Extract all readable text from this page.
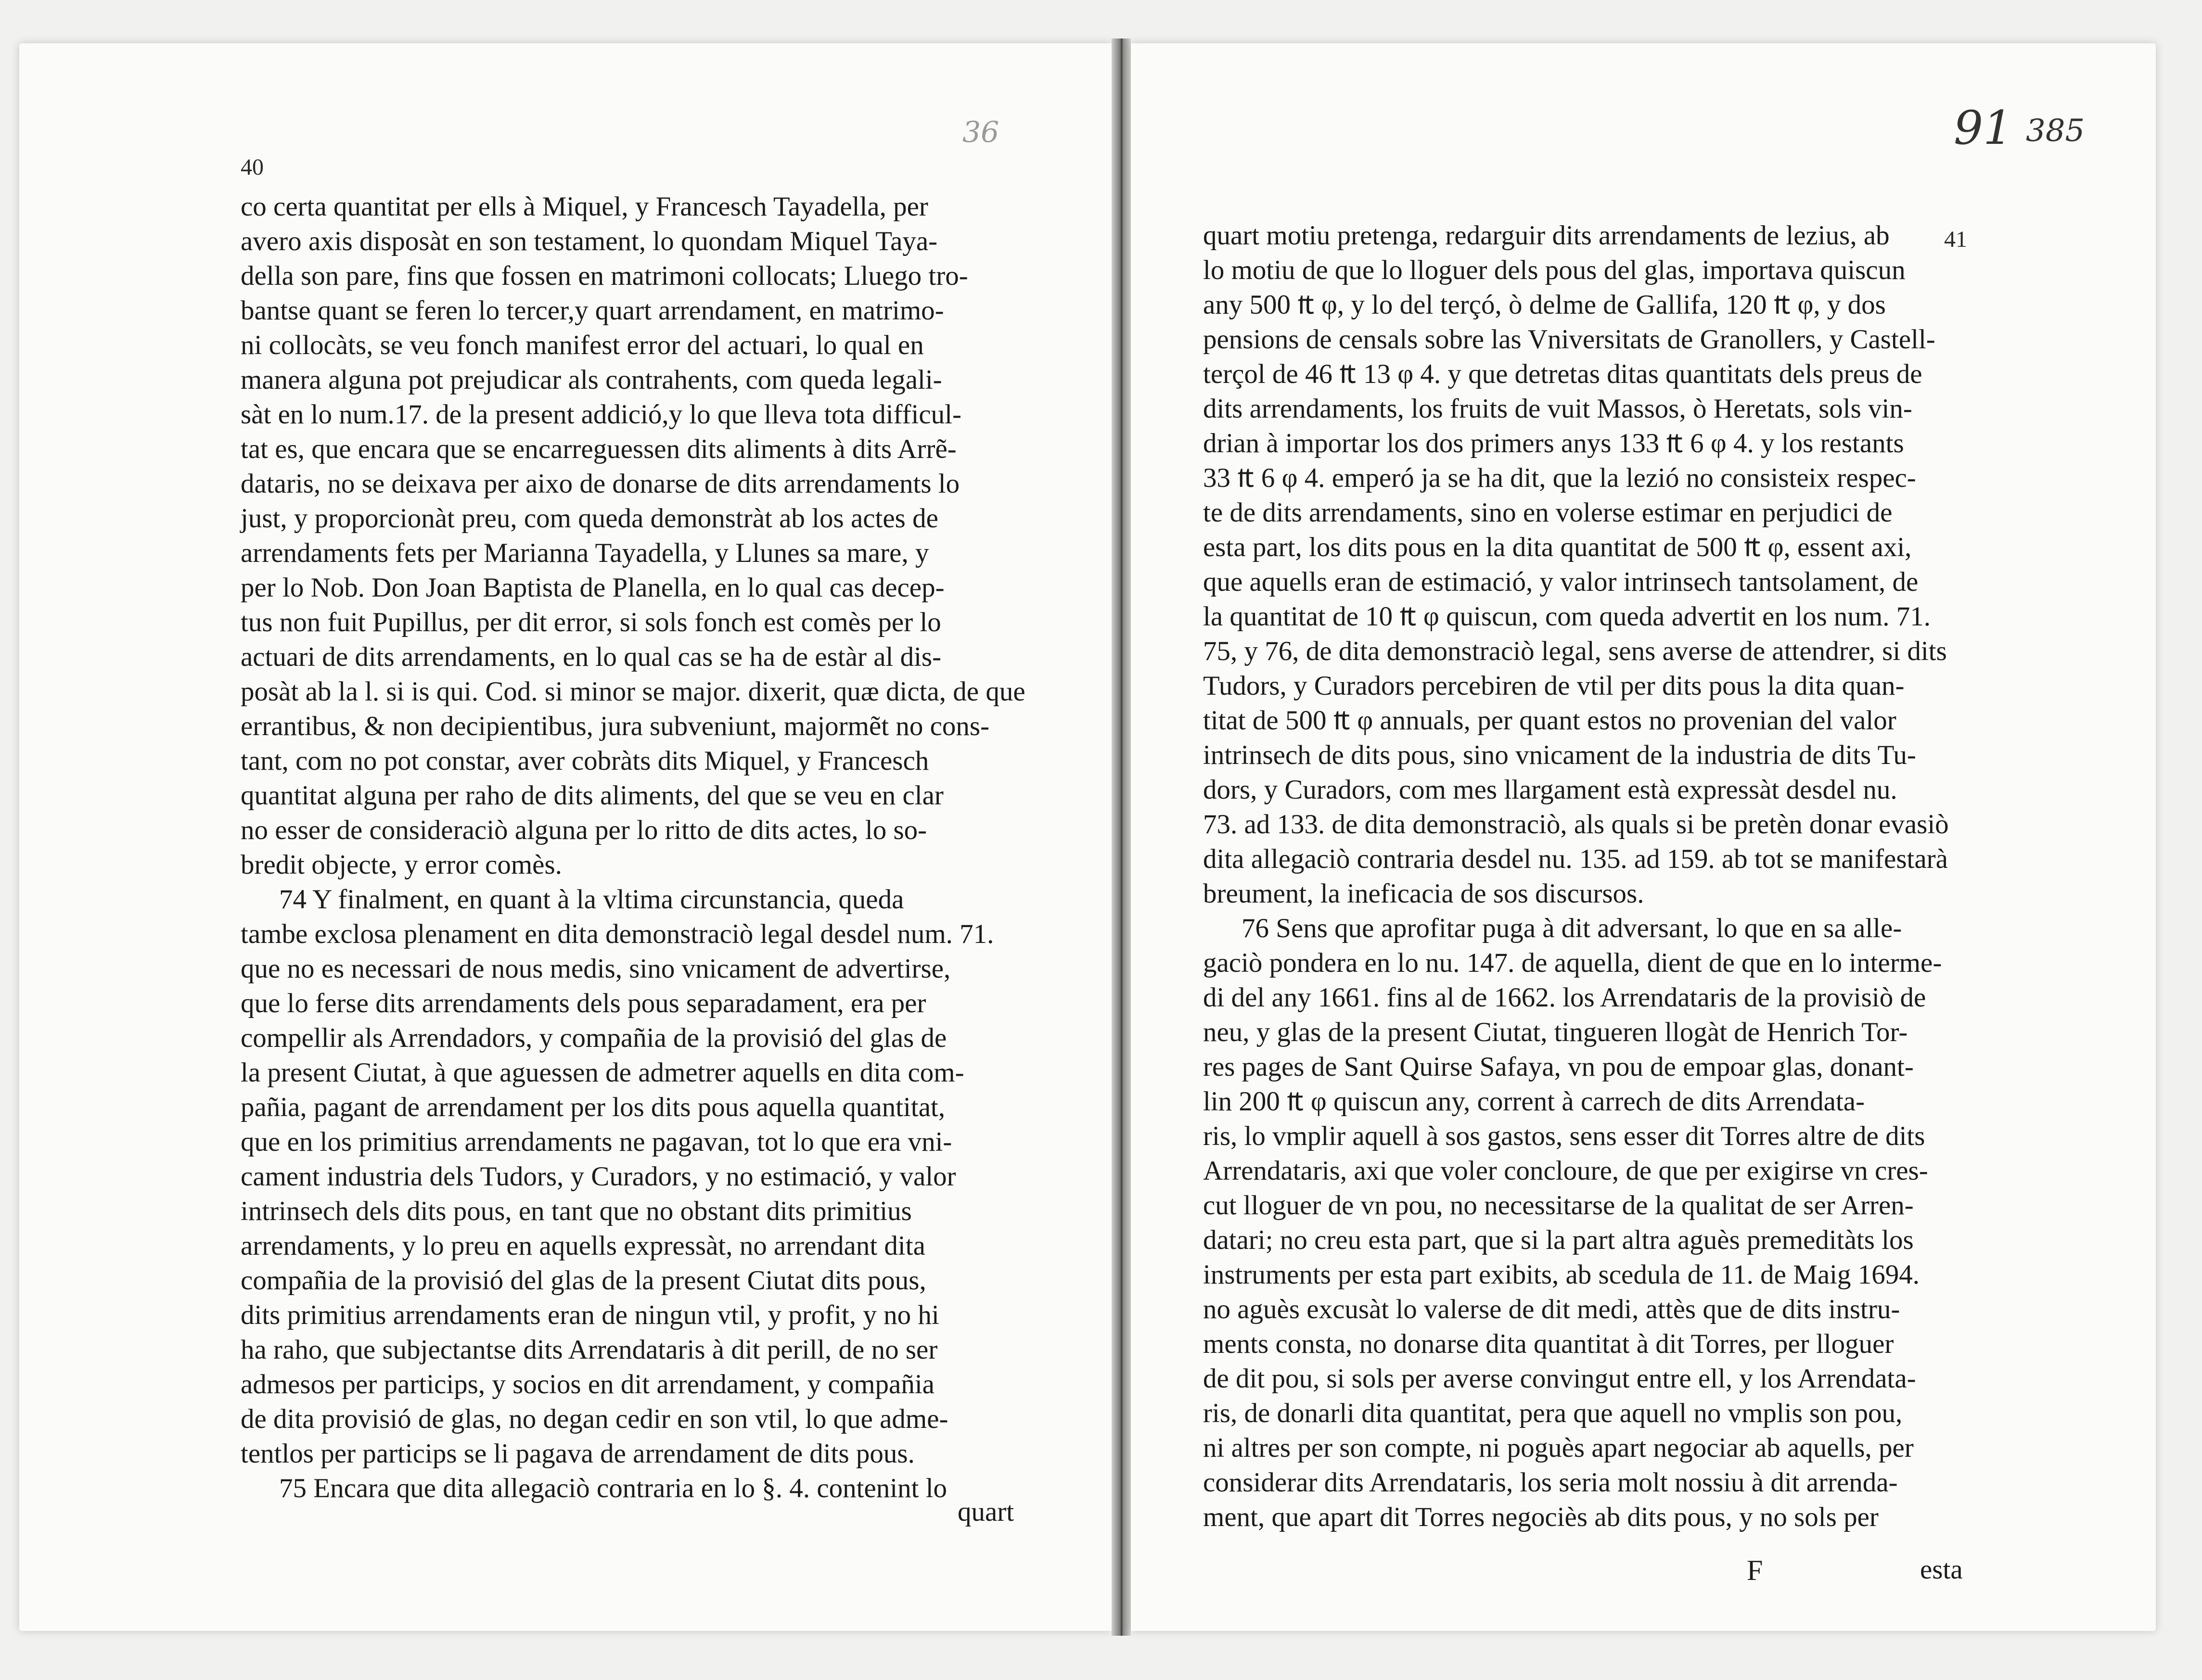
40
36
co certa quantitat per ells à Miquel, y Francesch Tayadella, per
avero axis disposàt en son testament, lo quondam Miquel Taya-
della son pare, fins que fossen en matrimoni collocats; Lluego tro-
bantse quant se feren lo tercer,y quart arrendament, en matrimo-
ni collocàts, se veu fonch manifest error del actuari, lo qual en
manera alguna pot prejudicar als contrahents, com queda legali-
sàt en lo num.17. de la present addició,y lo que lleva tota difficul-
tat es, que encara que se encarreguessen dits aliments à dits Arrẽ-
dataris, no se deixava per aixo de donarse de dits arrendaments lo
just, y proporcionàt preu, com queda demonstràt ab los actes de
arrendaments fets per Marianna Tayadella, y Llunes sa mare, y
per lo Nob. Don Joan Baptista de Planella, en lo qual cas decep-
tus non fuit Pupillus, per dit error, si sols fonch est comès per lo
actuari de dits arrendaments, en lo qual cas se ha de estàr al dis-
posàt ab la l. si is qui. Cod. si minor se major. dixerit, quæ dicta, de que
errantibus, & non decipientibus, jura subveniunt, majormẽt no cons-
tant, com no pot constar, aver cobràts dits Miquel, y Francesch
quantitat alguna per raho de dits aliments, del que se veu en clar
no esser de consideraciò alguna per lo ritto de dits actes, lo so-
bredit objecte, y error comès.
74 Y finalment, en quant à la vltima circunstancia, queda
tambe exclosa plenament en dita demonstraciò legal desdel num. 71.
que no es necessari de nous medis, sino vnicament de advertirse,
que lo ferse dits arrendaments dels pous separadament, era per
compellir als Arrendadors, y compañia de la provisió del glas de
la present Ciutat, à que aguessen de admetrer aquells en dita com-
pañia, pagant de arrendament per los dits pous aquella quantitat,
que en los primitius arrendaments ne pagavan, tot lo que era vni-
cament industria dels Tudors, y Curadors, y no estimació, y valor
intrinsech dels dits pous, en tant que no obstant dits primitius
arrendaments, y lo preu en aquells expressàt, no arrendant dita
compañia de la provisió del glas de la present Ciutat dits pous,
dits primitius arrendaments eran de ningun vtil, y profit, y no hi
ha raho, que subjectantse dits Arrendataris à dit perill, de no ser
admesos per particips, y socios en dit arrendament, y compañia
de dita provisió de glas, no degan cedir en son vtil, lo que adme-
tentlos per particips se li pagava de arrendament de dits pous.
75 Encara que dita allegaciò contraria en lo §. 4. contenint lo
quart
91 385
41
quart motiu pretenga, redarguir dits arrendaments de lezius, ab
lo motiu de que lo lloguer dels pous del glas, importava quiscun
any 500 ₶ φ, y lo del terçó, ò delme de Gallifa, 120 ₶ φ, y dos
pensions de censals sobre las Vniversitats de Granollers, y Castell-
terçol de 46 ₶ 13 φ 4. y que detretas ditas quantitats dels preus de
dits arrendaments, los fruits de vuit Massos, ò Heretats, sols vin-
drian à importar los dos primers anys 133 ₶ 6 φ 4. y los restants
33 ₶ 6 φ 4. emperó ja se ha dit, que la lezió no consisteix respec-
te de dits arrendaments, sino en volerse estimar en perjudici de
esta part, los dits pous en la dita quantitat de 500 ₶ φ, essent axi,
que aquells eran de estimació, y valor intrinsech tantsolament, de
la quantitat de 10 ₶ φ quiscun, com queda advertit en los num. 71.
75, y 76, de dita demonstraciò legal, sens averse de attendrer, si dits
Tudors, y Curadors percebiren de vtil per dits pous la dita quan-
titat de 500 ₶ φ annuals, per quant estos no provenian del valor
intrinsech de dits pous, sino vnicament de la industria de dits Tu-
dors, y Curadors, com mes llargament està expressàt desdel nu.
73. ad 133. de dita demonstraciò, als quals si be pretèn donar evasiò
dita allegaciò contraria desdel nu. 135. ad 159. ab tot se manifestarà
breument, la ineficacia de sos discursos.
76 Sens que aprofitar puga à dit adversant, lo que en sa alle-
gaciò pondera en lo nu. 147. de aquella, dient de que en lo interme-
di del any 1661. fins al de 1662. los Arrendataris de la provisiò de
neu, y glas de la present Ciutat, tingueren llogàt de Henrich Tor-
res pages de Sant Quirse Safaya, vn pou de empoar glas, donant-
lin 200 ₶ φ quiscun any, corrent à carrech de dits Arrendata-
ris, lo vmplir aquell à sos gastos, sens esser dit Torres altre de dits
Arrendataris, axi que voler concloure, de que per exigirse vn cres-
cut lloguer de vn pou, no necessitarse de la qualitat de ser Arren-
datari; no creu esta part, que si la part altra aguès premeditàts los
instruments per esta part exibits, ab scedula de 11. de Maig 1694.
no aguès excusàt lo valerse de dit medi, attès que de dits instru-
ments consta, no donarse dita quantitat à dit Torres, per lloguer
de dit pou, si sols per averse convingut entre ell, y los Arrendata-
ris, de donarli dita quantitat, pera que aquell no vmplis son pou,
ni altres per son compte, ni poguès apart negociar ab aquells, per
considerar dits Arrendataris, los seria molt nossiu à dit arrenda-
ment, que apart dit Torres negociès ab dits pous, y no sols per
F	esta
